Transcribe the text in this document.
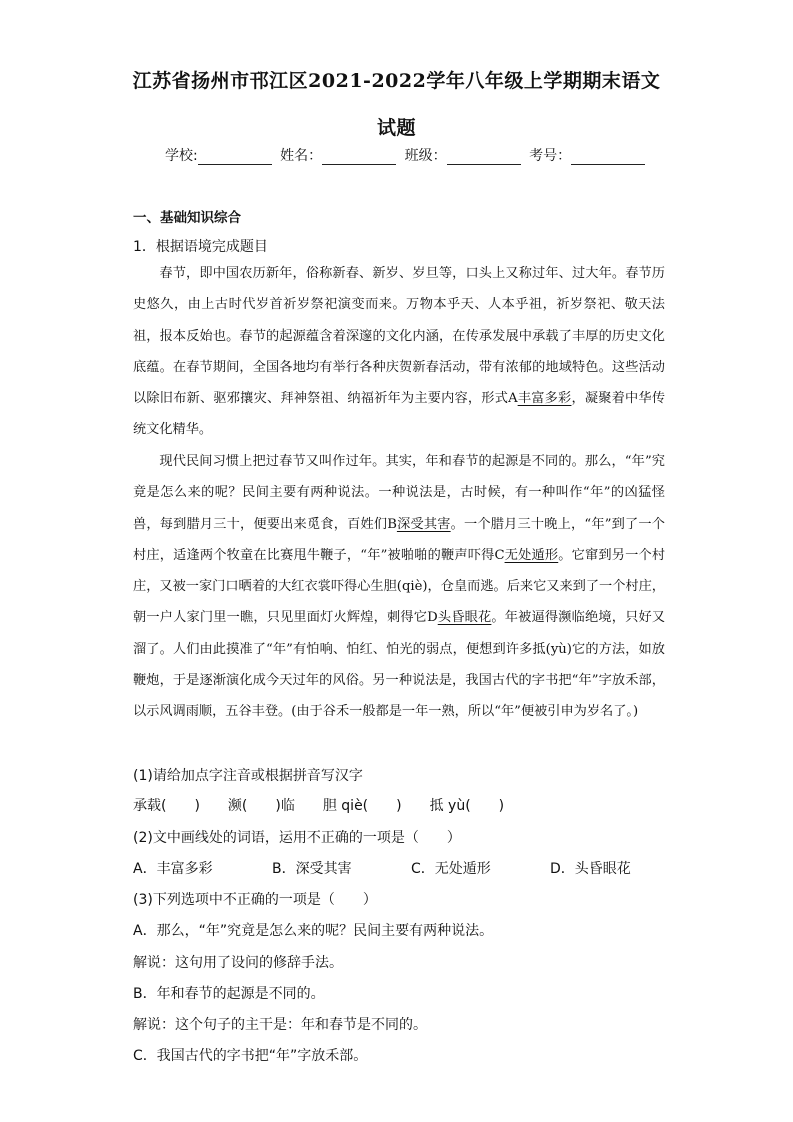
江苏省扬州市邗江区2021-2022学年八年级上学期期末语文
试题
学校:	姓名：	班级：	考号：
一、基础知识综合
1．根据语境完成题目

春节，即中国农历新年，俗称新春、新岁、岁旦等，口头上又称过年、过大年。春节历史悠久，由上古时代岁首祈岁祭祀演变而来。万物本乎天、人本乎祖，祈岁祭祀、敬天法祖，报本反始也。春节的起源蕴含着深邃的文化内涵，在传承发展中承载了丰厚的历史文化底蕴。在春节期间，全国各地均有举行各种庆贺新春活动，带有浓郁的地域特色。这些活动以除旧布新、驱邪攘灾、拜神祭祖、纳福祈年为主要内容，形式A丰富多彩，凝聚着中华传统文化精华。

现代民间习惯上把过春节又叫作过年。其实，年和春节的起源是不同的。那么，“年”究竟是怎么来的呢？民间主要有两种说法。一种说法是，古时候，有一种叫作“年”的凶猛怪兽，每到腊月三十，便要出来觅食，百姓们B深受其害。一个腊月三十晚上，“年”到了一个村庄，适逢两个牧童在比赛甩牛鞭子，“年”被啪啪的鞭声吓得C无处遁形。它窜到另一个村庄，又被一家门口晒着的大红衣裳吓得心生胆(qiè)，仓皇而逃。后来它又来到了一个村庄，朝一户人家门里一瞧，只见里面灯火辉煌，刺得它D头昏眼花。年被逼得濒临绝境，只好又溜了。人们由此摸准了“年”有怕响、怕红、怕光的弱点，便想到许多抵(yù)它的方法，如放鞭炮，于是逐渐演化成今天过年的风俗。另一种说法是，我国古代的字书把“年”字放禾部，以示风调雨顺，五谷丰登。(由于谷禾一般都是一年一熟，所以“年”便被引申为岁名了。)

(1)请给加点字注音或根据拼音写汉字
承载(　　)　　濒(　　)临　　胆 qiè(　　)　　抵 yù(　　)
(2)文中画线处的词语，运用不正确的一项是（　　）
A．丰富多彩	B．深受其害	C．无处遁形	D．头昏眼花
(3)下列选项中不正确的一项是（　　）
A．那么，“年”究竟是怎么来的呢？民间主要有两种说法。
解说：这句用了设问的修辞手法。
B．年和春节的起源是不同的。
解说：这个句子的主干是：年和春节是不同的。
C．我国古代的字书把“年”字放禾部。
